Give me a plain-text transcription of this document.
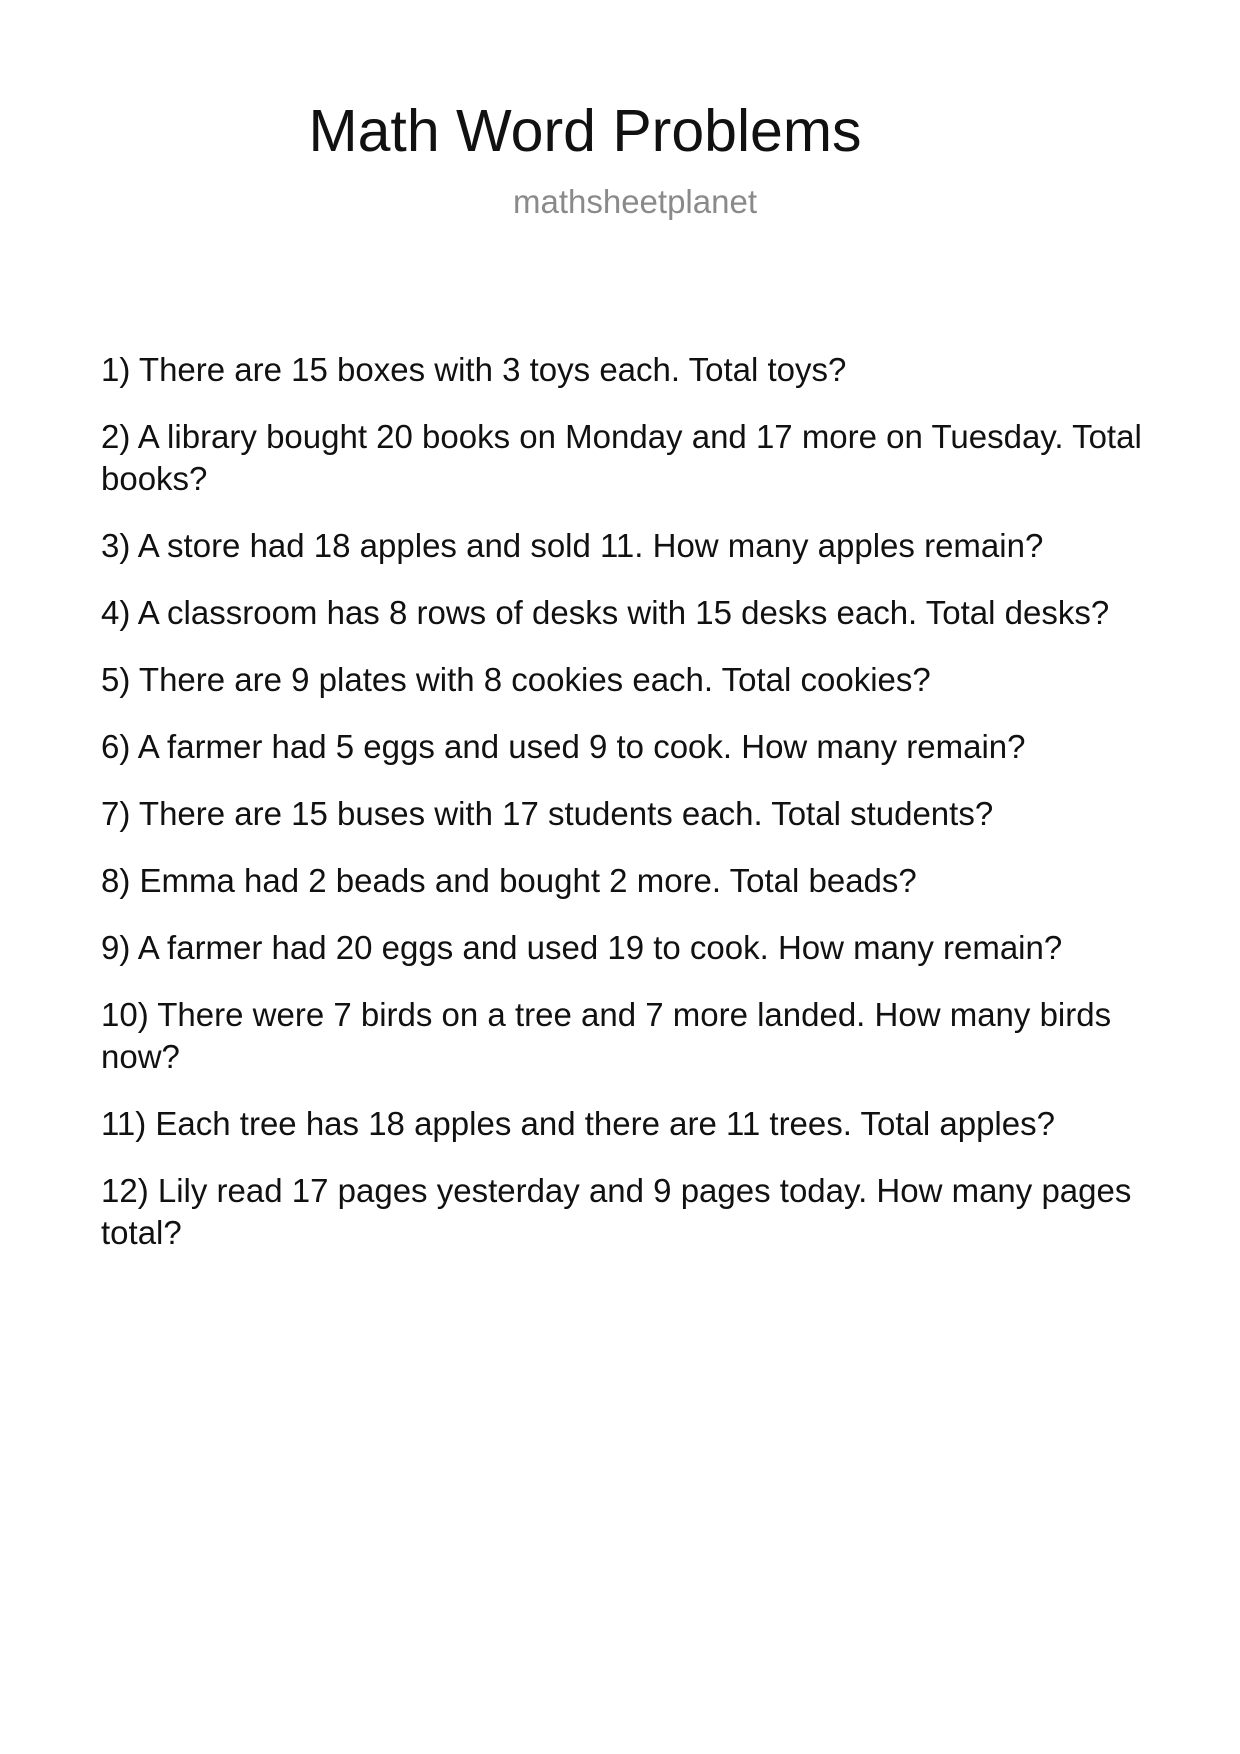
Math Word Problems
mathsheetplanet
1) There are 15 boxes with 3 toys each. Total toys?
2) A library bought 20 books on Monday and 17 more on Tuesday. Total books?
3) A store had 18 apples and sold 11. How many apples remain?
4) A classroom has 8 rows of desks with 15 desks each. Total desks?
5) There are 9 plates with 8 cookies each. Total cookies?
6) A farmer had 5 eggs and used 9 to cook. How many remain?
7) There are 15 buses with 17 students each. Total students?
8) Emma had 2 beads and bought 2 more. Total beads?
9) A farmer had 20 eggs and used 19 to cook. How many remain?
10) There were 7 birds on a tree and 7 more landed. How many birds now?
11) Each tree has 18 apples and there are 11 trees. Total apples?
12) Lily read 17 pages yesterday and 9 pages today. How many pages total?
